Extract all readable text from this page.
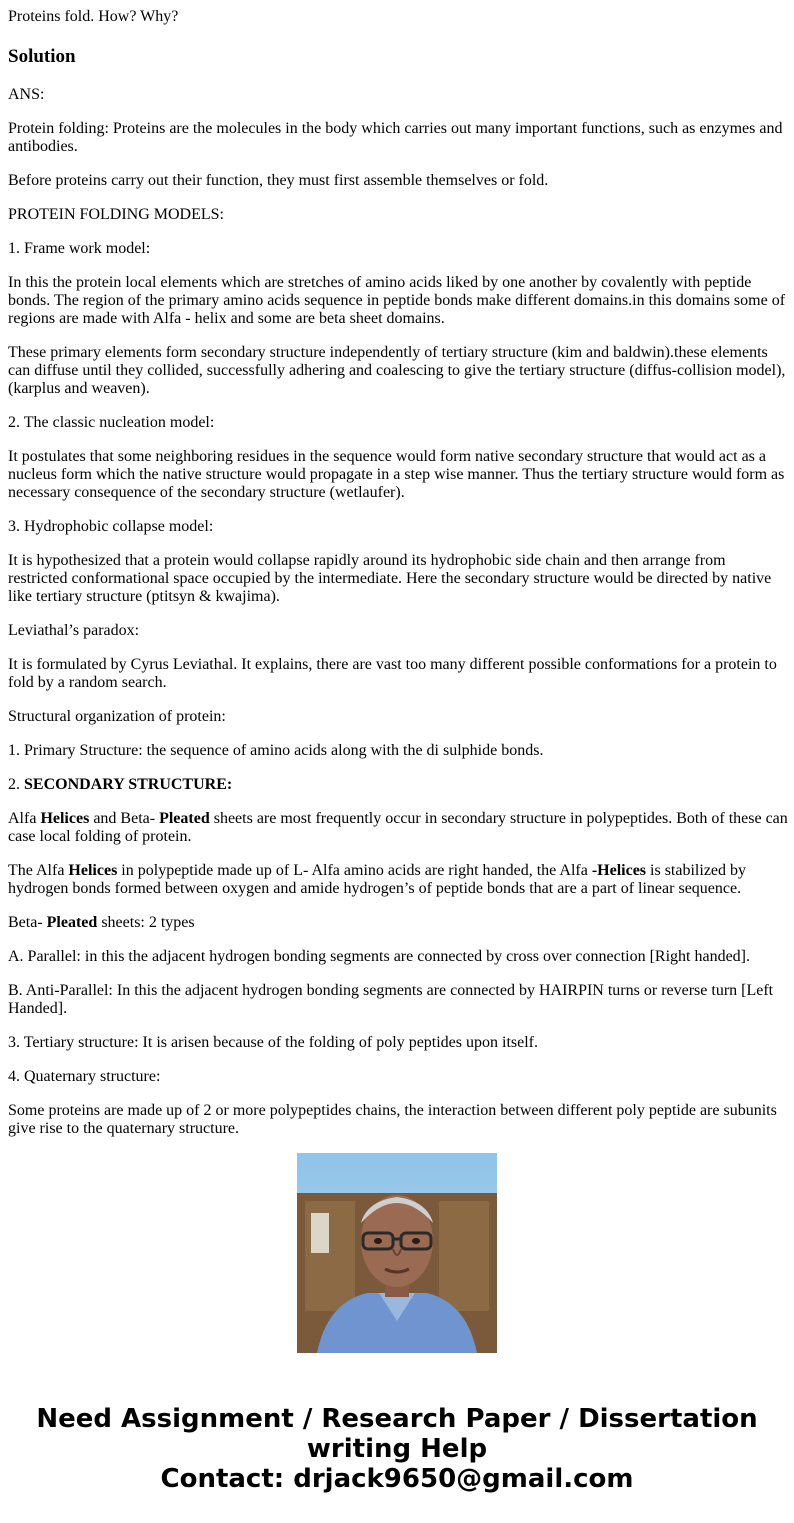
Proteins fold. How? Why?

Solution

ANS:

Protein folding: Proteins are the molecules in the body which carries out many important functions, such as enzymes and antibodies.

Before proteins carry out their function, they must first assemble themselves or fold.

PROTEIN FOLDING MODELS:

1. Frame work model:

In this the protein local elements which are stretches of amino acids liked by one another by covalently with peptide bonds. The region of the primary amino acids sequence in peptide bonds make different domains.in this domains some of regions are made with Alfa - helix and some are beta sheet domains.

These primary elements form secondary structure independently of tertiary structure (kim and baldwin).these elements can diffuse until they collided, successfully adhering and coalescing to give the tertiary structure (diffus-collision model), (karplus and weaven).

2. The classic nucleation model:

It postulates that some neighboring residues in the sequence would form native secondary structure that would act as a nucleus form which the native structure would propagate in a step wise manner. Thus the tertiary structure would form as necessary consequence of the secondary structure (wetlaufer).

3. Hydrophobic collapse model:

It is hypothesized that a protein would collapse rapidly around its hydrophobic side chain and then arrange from restricted conformational space occupied by the intermediate. Here the secondary structure would be directed by native like tertiary structure (ptitsyn & kwajima).

Leviathal’s paradox:

It is formulated by Cyrus Leviathal. It explains, there are vast too many different possible conformations for a protein to fold by a random search.

Structural organization of protein:

1. Primary Structure: the sequence of amino acids along with the di sulphide bonds.

2. SECONDARY STRUCTURE:

Alfa Helices and Beta- Pleated sheets are most frequently occur in secondary structure in polypeptides. Both of these can case local folding of protein.

The Alfa Helices in polypeptide made up of L- Alfa amino acids are right handed, the Alfa -Helices is stabilized by hydrogen bonds formed between oxygen and amide hydrogen’s of peptide bonds that are a part of linear sequence.

Beta- Pleated sheets: 2 types

A. Parallel: in this the adjacent hydrogen bonding segments are connected by cross over connection [Right handed].

B. Anti-Parallel: In this the adjacent hydrogen bonding segments are connected by HAIRPIN turns or reverse turn [Left Handed].

3. Tertiary structure: It is arisen because of the folding of poly peptides upon itself.

4. Quaternary structure:

Some proteins are made up of 2 or more polypeptides chains, the interaction between different poly peptide are subunits give rise to the quaternary structure.

Need Assignment / Research Paper / Dissertation
writing Help
Contact: drjack9650@gmail.com
